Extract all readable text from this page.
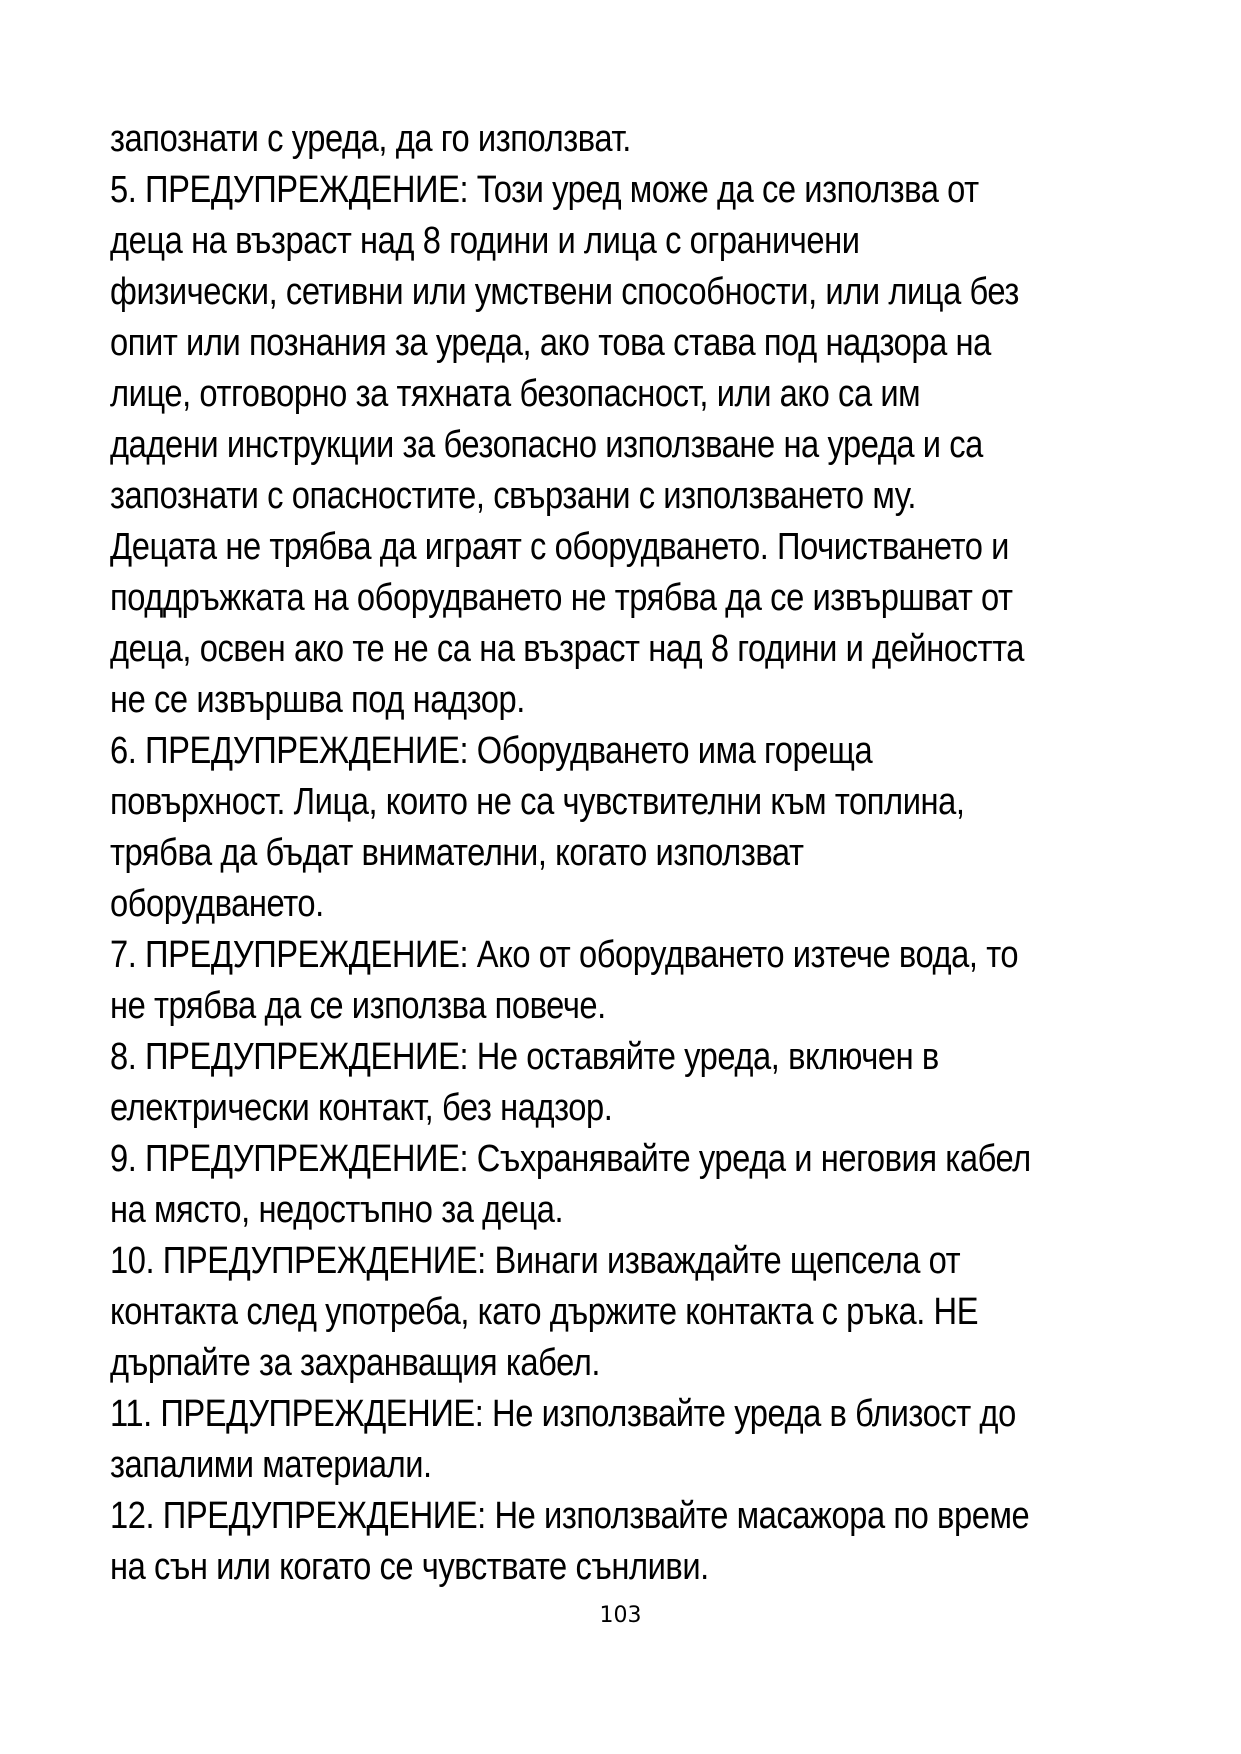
запознати с уреда, да го използват.
5. ПРЕДУПРЕЖДЕНИЕ: Този уред може да се използва от
деца на възраст над 8 години и лица с ограничени
физически, сетивни или умствени способности, или лица без
опит или познания за уреда, ако това става под надзора на
лице, отговорно за тяхната безопасност, или ако са им
дадени инструкции за безопасно използване на уреда и са
запознати с опасностите, свързани с използването му.
Децата не трябва да играят с оборудването. Почистването и
поддръжката на оборудването не трябва да се извършват от
деца, освен ако те не са на възраст над 8 години и дейността
не се извършва под надзор.
6. ПРЕДУПРЕЖДЕНИЕ: Оборудването има гореща
повърхност. Лица, които не са чувствителни към топлина,
трябва да бъдат внимателни, когато използват
оборудването.
7. ПРЕДУПРЕЖДЕНИЕ: Ако от оборудването изтече вода, то
не трябва да се използва повече.
8. ПРЕДУПРЕЖДЕНИЕ: Не оставяйте уреда, включен в
електрически контакт, без надзор.
9. ПРЕДУПРЕЖДЕНИЕ: Съхранявайте уреда и неговия кабел
на място, недостъпно за деца.
10. ПРЕДУПРЕЖДЕНИЕ: Винаги изваждайте щепсела от
контакта след употреба, като държите контакта с ръка. НЕ
дърпайте за захранващия кабел.
11. ПРЕДУПРЕЖДЕНИЕ: Не използвайте уреда в близост до
запалими материали.
12. ПРЕДУПРЕЖДЕНИЕ: Не използвайте масажора по време
на сън или когато се чувствате сънливи.
103
